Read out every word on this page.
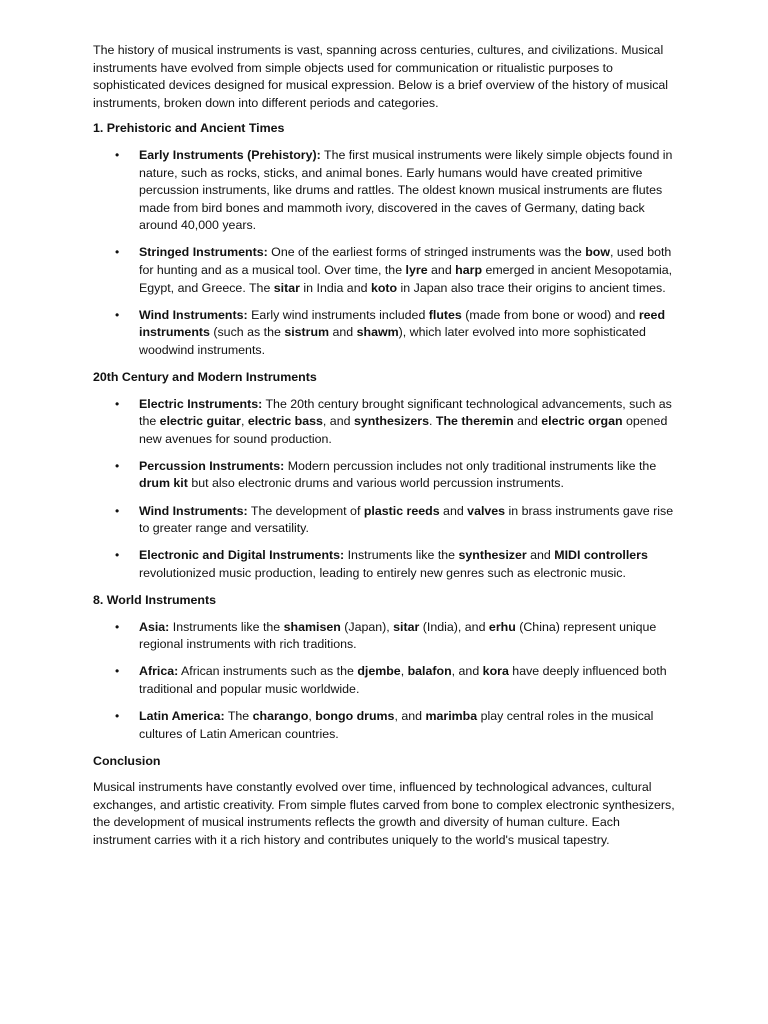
The history of musical instruments is vast, spanning across centuries, cultures, and civilizations. Musical instruments have evolved from simple objects used for communication or ritualistic purposes to sophisticated devices designed for musical expression. Below is a brief overview of the history of musical instruments, broken down into different periods and categories.

1. Prehistoric and Ancient Times

• Early Instruments (Prehistory): The first musical instruments were likely simple objects found in nature, such as rocks, sticks, and animal bones. Early humans would have created primitive percussion instruments, like drums and rattles. The oldest known musical instruments are flutes made from bird bones and mammoth ivory, discovered in the caves of Germany, dating back around 40,000 years.
• Stringed Instruments: One of the earliest forms of stringed instruments was the bow, used both for hunting and as a musical tool. Over time, the lyre and harp emerged in ancient Mesopotamia, Egypt, and Greece. The sitar in India and koto in Japan also trace their origins to ancient times.
• Wind Instruments: Early wind instruments included flutes (made from bone or wood) and reed instruments (such as the sistrum and shawm), which later evolved into more sophisticated woodwind instruments.

20th Century and Modern Instruments

• Electric Instruments: The 20th century brought significant technological advancements, such as the electric guitar, electric bass, and synthesizers. The theremin and electric organ opened new avenues for sound production.
• Percussion Instruments: Modern percussion includes not only traditional instruments like the drum kit but also electronic drums and various world percussion instruments.
• Wind Instruments: The development of plastic reeds and valves in brass instruments gave rise to greater range and versatility.
• Electronic and Digital Instruments: Instruments like the synthesizer and MIDI controllers revolutionized music production, leading to entirely new genres such as electronic music.

8. World Instruments

• Asia: Instruments like the shamisen (Japan), sitar (India), and erhu (China) represent unique regional instruments with rich traditions.
• Africa: African instruments such as the djembe, balafon, and kora have deeply influenced both traditional and popular music worldwide.
• Latin America: The charango, bongo drums, and marimba play central roles in the musical cultures of Latin American countries.

Conclusion

Musical instruments have constantly evolved over time, influenced by technological advances, cultural exchanges, and artistic creativity. From simple flutes carved from bone to complex electronic synthesizers, the development of musical instruments reflects the growth and diversity of human culture. Each instrument carries with it a rich history and contributes uniquely to the world's musical tapestry.
